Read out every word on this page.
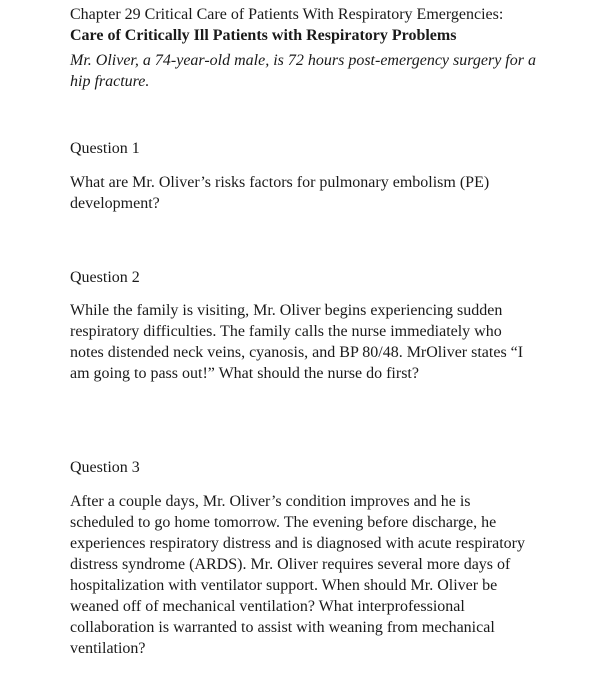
Chapter 29 Critical Care of Patients With Respiratory Emergencies: Care of Critically Ill Patients with Respiratory Problems

Mr. Oliver, a 74-year-old male, is 72 hours post-emergency surgery for a hip fracture.

Question 1

What are Mr. Oliver’s risks factors for pulmonary embolism (PE) development?

Question 2

While the family is visiting, Mr. Oliver begins experiencing sudden respiratory difficulties. The family calls the nurse immediately who notes distended neck veins, cyanosis, and BP 80/48. MrOliver states “I am going to pass out!” What should the nurse do first?

Question 3

After a couple days, Mr. Oliver’s condition improves and he is scheduled to go home tomorrow. The evening before discharge, he experiences respiratory distress and is diagnosed with acute respiratory distress syndrome (ARDS). Mr. Oliver requires several more days of hospitalization with ventilator support. When should Mr. Oliver be weaned off of mechanical ventilation? What interprofessional collaboration is warranted to assist with weaning from mechanical ventilation?
